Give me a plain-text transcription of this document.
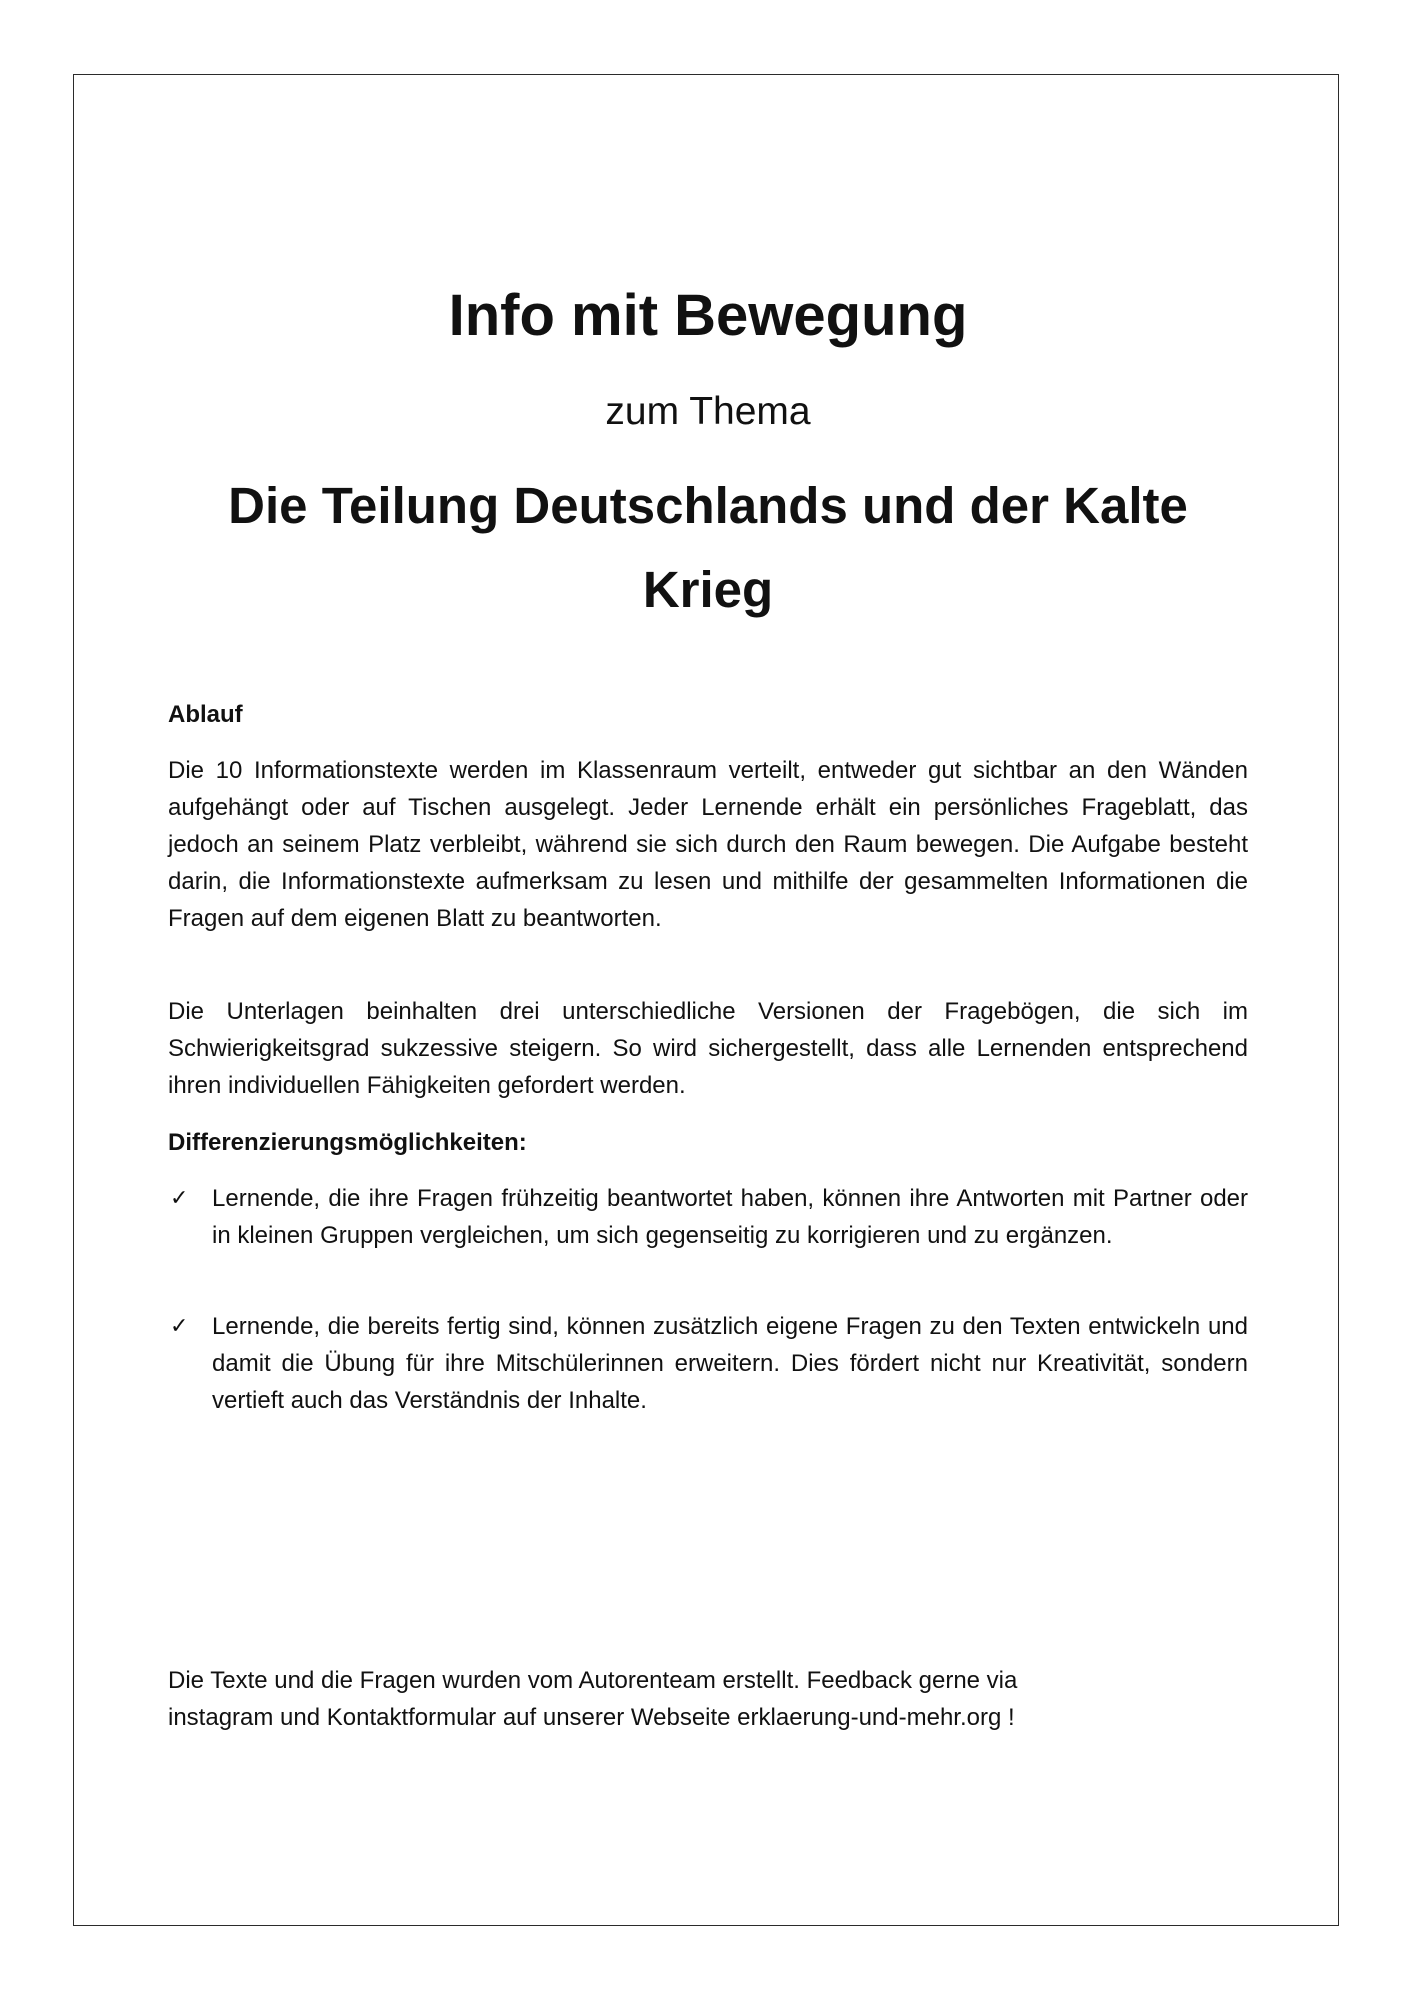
Info mit Bewegung
zum Thema
Die Teilung Deutschlands und der Kalte Krieg

Ablauf

Die 10 Informationstexte werden im Klassenraum verteilt, entweder gut sichtbar an den Wänden aufgehängt oder auf Tischen ausgelegt. Jeder Lernende erhält ein persönliches Frageblatt, das jedoch an seinem Platz verbleibt, während sie sich durch den Raum bewegen. Die Aufgabe besteht darin, die Informationstexte aufmerksam zu lesen und mithilfe der gesammelten Informationen die Fragen auf dem eigenen Blatt zu beantworten.

Die Unterlagen beinhalten drei unterschiedliche Versionen der Fragebögen, die sich im Schwierigkeitsgrad sukzessive steigern. So wird sichergestellt, dass alle Lernenden entsprechend ihren individuellen Fähigkeiten gefordert werden.

Differenzierungsmöglichkeiten:

✓ Lernende, die ihre Fragen frühzeitig beantwortet haben, können ihre Antworten mit Partner oder in kleinen Gruppen vergleichen, um sich gegenseitig zu korrigieren und zu ergänzen.
✓ Lernende, die bereits fertig sind, können zusätzlich eigene Fragen zu den Texten entwickeln und damit die Übung für ihre Mitschülerinnen erweitern. Dies fördert nicht nur Kreativität, sondern vertieft auch das Verständnis der Inhalte.
Die Texte und die Fragen wurden vom Autorenteam erstellt. Feedback gerne via
instagram und Kontaktformular auf unserer Webseite erklaerung-und-mehr.org !
